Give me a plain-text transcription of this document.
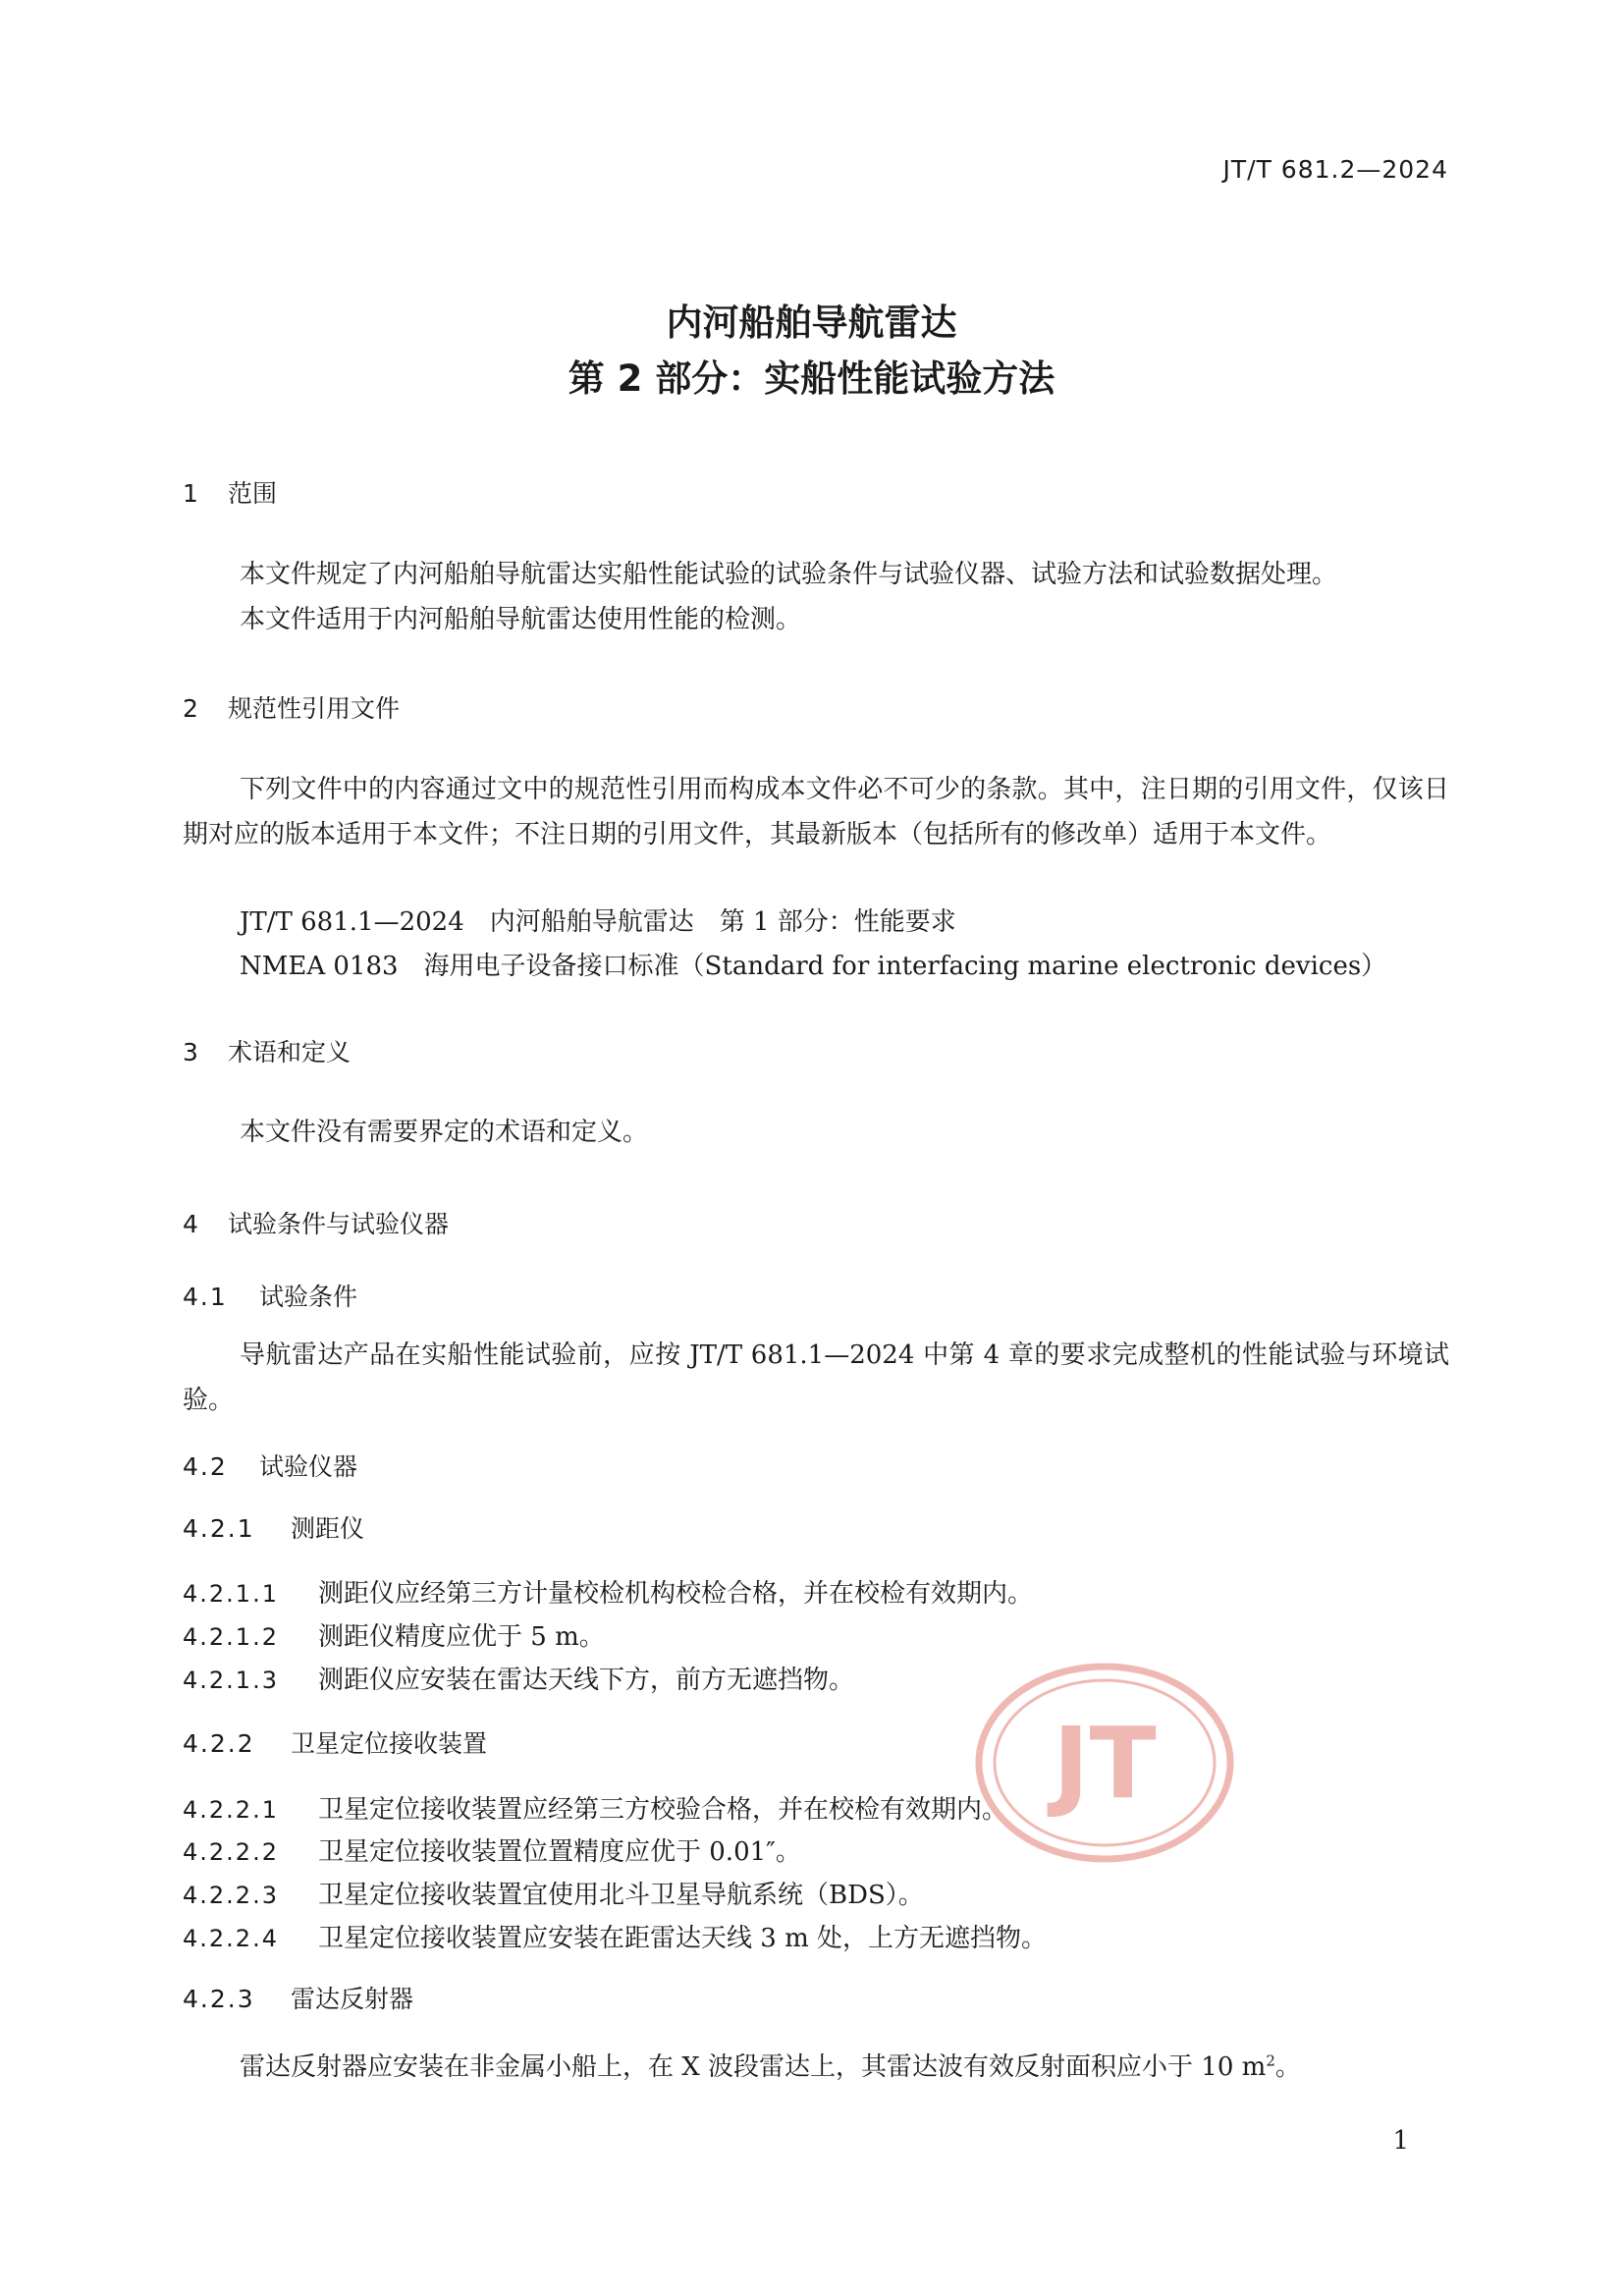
JT/T 681.2—2024
内河船舶导航雷达
第 2 部分：实船性能试验方法
1 范围
本文件规定了内河船舶导航雷达实船性能试验的试验条件与试验仪器、试验方法和试验数据处理。
本文件适用于内河船舶导航雷达使用性能的检测。
2 规范性引用文件
下列文件中的内容通过文中的规范性引用而构成本文件必不可少的条款。其中，注日期的引用文件，仅该日期对应的版本适用于本文件；不注日期的引用文件，其最新版本（包括所有的修改单）适用于本文件。
JT/T 681.1—2024　内河船舶导航雷达　第 1 部分：性能要求
NMEA 0183　海用电子设备接口标准（Standard for interfacing marine electronic devices）
3 术语和定义
本文件没有需要界定的术语和定义。
4 试验条件与试验仪器
4.1 试验条件
导航雷达产品在实船性能试验前，应按 JT/T 681.1—2024 中第 4 章的要求完成整机的性能试验与环境试验。
4.2 试验仪器
4.2.1 测距仪
4.2.1.1 测距仪应经第三方计量校检机构校检合格，并在校检有效期内。
4.2.1.2 测距仪精度应优于 5 m。
4.2.1.3 测距仪应安装在雷达天线下方，前方无遮挡物。
4.2.2 卫星定位接收装置
4.2.2.1 卫星定位接收装置应经第三方校验合格，并在校检有效期内。
4.2.2.2 卫星定位接收装置位置精度应优于 0.01″。
4.2.2.3 卫星定位接收装置宜使用北斗卫星导航系统（BDS）。
4.2.2.4 卫星定位接收装置应安装在距雷达天线 3 m 处，上方无遮挡物。
4.2.3 雷达反射器
雷达反射器应安装在非金属小船上，在 X 波段雷达上，其雷达波有效反射面积应小于 10 $m^2$。
JT
1
